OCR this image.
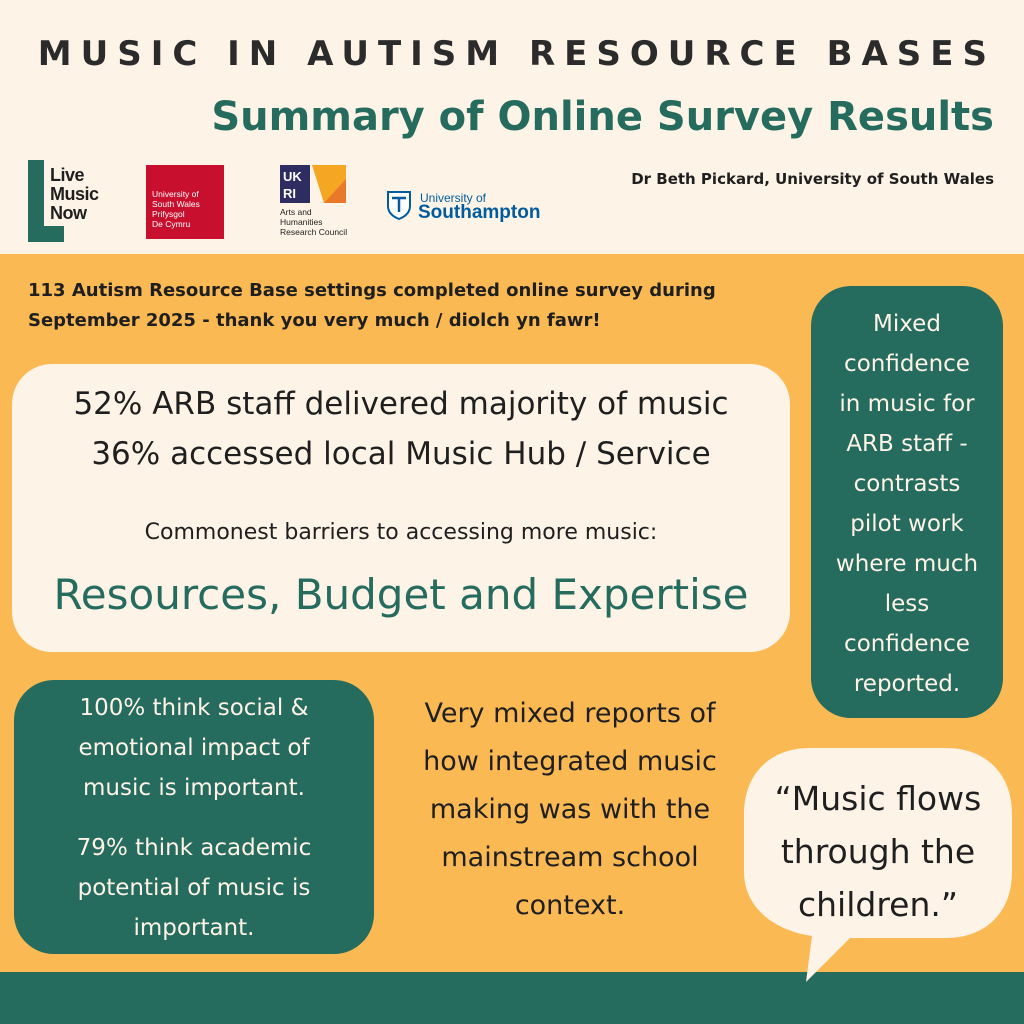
MUSIC IN AUTISM RESOURCE BASES
Summary of Online Survey Results
Dr Beth Pickard, University of South Wales
Live
Music
Now
University of
South Wales
Prifysgol
De Cymru
UK
RI
Arts and
Humanities
Research Council
University of
Southampton
113 Autism Resource Base settings completed online survey during
September 2025 - thank you very much / diolch yn fawr!
52% ARB staff delivered majority of music
36% accessed local Music Hub / Service
Commonest barriers to accessing more music:
Resources, Budget and Expertise
Mixed
confidence
in music for
ARB staff -
contrasts
pilot work
where much
less
confidence
reported.
100% think social &
emotional impact of
music is important.
79% think academic
potential of music is
important.
Very mixed reports of
how integrated music
making was with the
mainstream school
context.
“Music flows
through the
children.”
